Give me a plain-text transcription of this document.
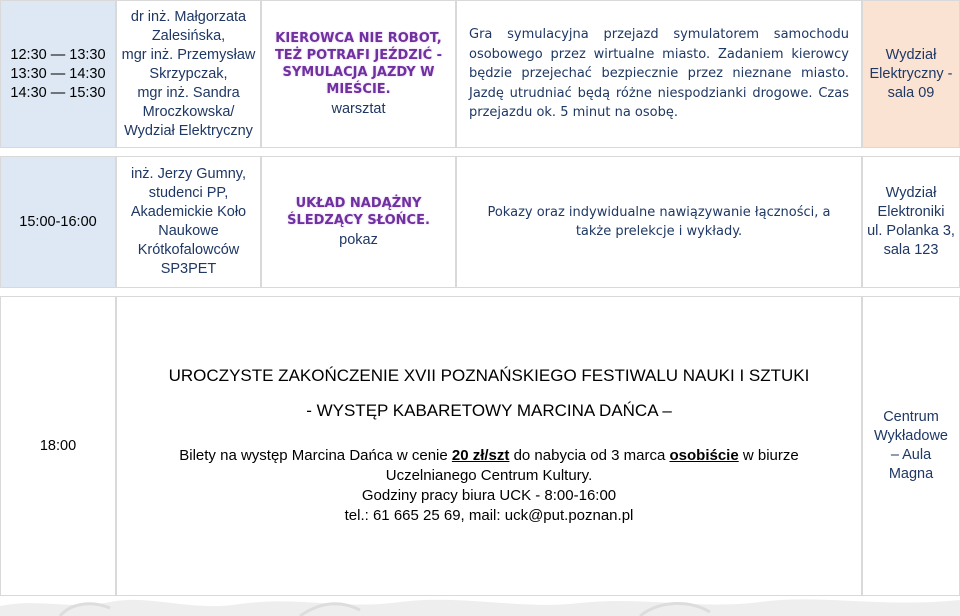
12:30 — 13:30
13:30 — 14:30
14:30 — 15:30
dr inż. Małgorzata
Zalesińska,
mgr inż. Przemysław
Skrzypczak,
mgr inż. Sandra
Mroczkowska/
Wydział Elektryczny
KIEROWCA NIE ROBOT,
TEŻ POTRAFI JEŹDZIĆ -
SYMULACJA JAZDY W
MIEŚCIE.
warsztat
Gra symulacyjna przejazd symulatorem samochodu osobowego przez wirtualne miasto. Zadaniem kierowcy będzie przejechać bezpiecznie przez nieznane miasto. Jazdę utrudniać będą różne niespodzianki drogowe. Czas przejazdu ok. 5 minut na osobę.
Wydział
Elektryczny -
sala 09
15:00-16:00
inż. Jerzy Gumny,
studenci PP,
Akademickie Koło
Naukowe
Krótkofalowców
SP3PET
UKŁAD NADĄŻNY
ŚLEDZĄCY SŁOŃCE.
pokaz
Pokazy oraz indywidualne nawiązywanie łączności, a także prelekcje i wykłady.
Wydział
Elektroniki
ul. Polanka 3,
sala 123
18:00
UROCZYSTE ZAKOŃCZENIE XVII POZNAŃSKIEGO FESTIWALU NAUKI I SZTUKI
- WYSTĘP KABARETOWY MARCINA DAŃCA –
Bilety na występ Marcina Dańca w cenie 20 zł/szt do nabycia od 3 marca osobiście w biurze
Uczelnianego Centrum Kultury.
Godziny pracy biura UCK - 8:00-16:00
tel.: 61 665 25 69, mail: uck@put.poznan.pl
Centrum
Wykładowe
– Aula
Magna
